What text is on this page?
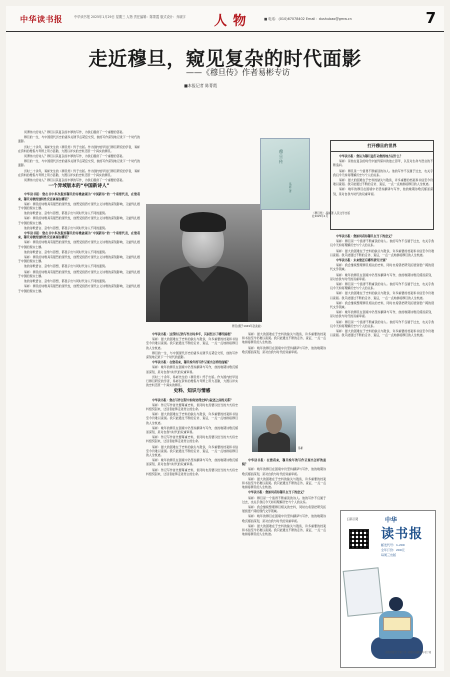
中华读书报	中华读书报 2025年1月29日 星期三 人物 责任编辑：陈菁霞 版式设计：乔晓宇	人物	■ 电话：(010)67078402 Email：dushubao@gmw.cn	7
走近穆旦，窥见复杂的时代面影
——《穆旦传》作者易彬专访
■本报记者 陈菁霞

何谓伟大的诗人？穆旦以其复杂而丰厚的写作，为我们提供了一个重要的答案。

穆旦的一生，与中国现代历史的诸多关键节点紧密交织，他的写作深刻地记录下一个时代的面影。

历时二十余年，易彬先生的《穆旦传》终于出版。作为国内较早进行穆旦研究的学者，易彬在资料的搜集与考辨上用力甚勤，力图以详实的史料还原一个真实的穆旦。

何谓伟大的诗人？穆旦以其复杂而丰厚的写作，为我们提供了一个重要的答案。

穆旦的一生，与中国现代历史的诸多关键节点紧密交织，他的写作深刻地记录下一个时代的面影。

历时二十余年，易彬先生的《穆旦传》终于出版。作为国内较早进行穆旦研究的学者，易彬在资料的搜集与考辨上用力甚勤，力图以详实的史料还原一个真实的穆旦。

何谓伟大的诗人？穆旦以其复杂而丰厚的写作，为我们提供了一个重要的答案。

一个异域版本的“中国新诗人”

中华读书报：您在书中多次提到穆旦的诗歌被视为“中国新诗”的一个重要代表，在您看来，穆旦诗歌的独特性究竟体现在哪里？

易彬：穆旦的诗歌具有强烈的现代性，他既受到西方现代主义诗歌的深刻影响，又始终扎根于中国的现实土壤。

他的诗歌语言、意象与思想，都显示出与同时代诗人不同的面貌。

易彬：穆旦的诗歌具有强烈的现代性，他既受到西方现代主义诗歌的深刻影响，又始终扎根于中国的现实土壤。

他的诗歌语言、意象与思想，都显示出与同时代诗人不同的面貌。

中华读书报：您在书中多次提到穆旦的诗歌被视为“中国新诗”的一个重要代表，在您看来，穆旦诗歌的独特性究竟体现在哪里？

易彬：穆旦的诗歌具有强烈的现代性，他既受到西方现代主义诗歌的深刻影响，又始终扎根于中国的现实土壤。

他的诗歌语言、意象与思想，都显示出与同时代诗人不同的面貌。

易彬：穆旦的诗歌具有强烈的现代性，他既受到西方现代主义诗歌的深刻影响，又始终扎根于中国的现实土壤。

他的诗歌语言、意象与思想，都显示出与同时代诗人不同的面貌。

易彬：穆旦的诗歌具有强烈的现代性，他既受到西方现代主义诗歌的深刻影响，又始终扎根于中国的现实土壤。

他的诗歌语言、意象与思想，都显示出与同时代诗人不同的面貌。

易彬：穆旦的诗歌具有强烈的现代性，他既受到西方现代主义诗歌的深刻影响，又始终扎根于中国的现实土壤。

穆旦(摄于1949年赴美前)
穆旦传
易彬 著
《穆旦传》,易彬著,人民文学出版社2025年1月
打开穆旦的世界

中华读书报：您认为穆旦最打动您的地方是什么？

易彬：是他在复杂的时代中始终保持的独立思考，以及对生命与语言的不断追问。

易彬：穆旦是一个值得不断重读的诗人。他的写作不仅属于过去，也关乎我们今天如何理解历史与个人的关系。

易彬：最大的困难在于史料的缺失与散佚，许多重要的档案和书信至今仍难以查阅。我只能通过不断的走访、查证，一点一点地拼接穆旦的人生轨迹。

易彬：晚年的穆旦在困境中仍坚持翻译与写作，他的晚期诗歌沉郁而深刻，是对自我与时代的双重审视。

中华读书报：您如何看待穆旦在当下的意义？

易彬：穆旦是一个值得不断重读的诗人。他的写作不仅属于过去，也关乎我们今天如何理解历史与个人的关系。

易彬：最大的困难在于史料的缺失与散佚，许多重要的档案和书信至今仍难以查阅。我只能通过不断的走访、查证，一点一点地拼接穆旦的人生轨迹。

中华读书报：未来您还有哪些研究计划？

易彬：我会继续整理穆旦相关的史料，同时也希望把研究拓展到更广阔的现代文学领域。

易彬：晚年的穆旦在困境中仍坚持翻译与写作，他的晚期诗歌沉郁而深刻，是对自我与时代的双重审视。

易彬：穆旦是一个值得不断重读的诗人。他的写作不仅属于过去，也关乎我们今天如何理解历史与个人的关系。

易彬：最大的困难在于史料的缺失与散佚，许多重要的档案和书信至今仍难以查阅。我只能通过不断的走访、查证，一点一点地拼接穆旦的人生轨迹。

易彬：我会继续整理穆旦相关的史料，同时也希望把研究拓展到更广阔的现代文学领域。

易彬：晚年的穆旦在困境中仍坚持翻译与写作，他的晚期诗歌沉郁而深刻，是对自我与时代的双重审视。

易彬：穆旦是一个值得不断重读的诗人。他的写作不仅属于过去，也关乎我们今天如何理解历史与个人的关系。

易彬：最大的困难在于史料的缺失与散佚，许多重要的档案和书信至今仍难以查阅。我只能通过不断的走访、查证，一点一点地拼接穆旦的人生轨迹。

中华读书报：这部传记的写作历时多年，其间经历了哪些困难？

易彬：最大的困难在于史料的缺失与散佚，许多重要的档案和书信至今仍难以查阅。我只能通过不断的走访、查证，一点一点地拼接穆旦的人生轨迹。

穆旦的一生，与中国现代历史的诸多关键节点紧密交织，他的写作深刻地记录下一个时代的面影。

中华读书报：在您看来，穆旦晚年的写作呈现出怎样的面貌？

易彬：晚年的穆旦在困境中仍坚持翻译与写作，他的晚期诗歌沉郁而深刻，是对自我与时代的双重审视。

历时二十余年，易彬先生的《穆旦传》终于出版。作为国内较早进行穆旦研究的学者，易彬在资料的搜集与考辨上用力甚勤，力图以详实的史料还原一个真实的穆旦。

史料、知识与情感

中华读书报：您在写作过程中如何处理史料与叙述之间的关系？

易彬：传记写作首先要尊重史料，但同时也需要以恰当的方式将史料组织起来，让读者能够走进传主的生命。

易彬：最大的困难在于史料的缺失与散佚，许多重要的档案和书信至今仍难以查阅。我只能通过不断的走访、查证，一点一点地拼接穆旦的人生轨迹。

易彬：晚年的穆旦在困境中仍坚持翻译与写作，他的晚期诗歌沉郁而深刻，是对自我与时代的双重审视。

易彬：传记写作首先要尊重史料，但同时也需要以恰当的方式将史料组织起来，让读者能够走进传主的生命。

易彬：最大的困难在于史料的缺失与散佚，许多重要的档案和书信至今仍难以查阅。我只能通过不断的走访、查证，一点一点地拼接穆旦的人生轨迹。

易彬：晚年的穆旦在困境中仍坚持翻译与写作，他的晚期诗歌沉郁而深刻，是对自我与时代的双重审视。

易彬：传记写作首先要尊重史料，但同时也需要以恰当的方式将史料组织起来，让读者能够走进传主的生命。

易彬：最大的困难在于史料的缺失与散佚，许多重要的档案和书信至今仍难以查阅。我只能通过不断的走访、查证，一点一点地拼接穆旦的人生轨迹。

易彬：晚年的穆旦在困境中仍坚持翻译与写作，他的晚期诗歌沉郁而深刻，是对自我与时代的双重审视。

易彬

中华读书报：在您看来，穆旦晚年的写作呈现出怎样的面貌？

易彬：晚年的穆旦在困境中仍坚持翻译与写作，他的晚期诗歌沉郁而深刻，是对自我与时代的双重审视。

易彬：最大的困难在于史料的缺失与散佚，许多重要的档案和书信至今仍难以查阅。我只能通过不断的走访、查证，一点一点地拼接穆旦的人生轨迹。

中华读书报：您如何看待穆旦在当下的意义？

易彬：穆旦是一个值得不断重读的诗人。他的写作不仅属于过去，也关乎我们今天如何理解历史与个人的关系。

易彬：我会继续整理穆旦相关的史料，同时也希望把研究拓展到更广阔的现代文学领域。

易彬：晚年的穆旦在困境中仍坚持翻译与写作，他的晚期诗歌沉郁而深刻，是对自我与时代的双重审视。

易彬：最大的困难在于史料的缺失与散佚，许多重要的档案和书信至今仍难以查阅。我只能通过不断的走访、查证，一点一点地拼接穆旦的人生轨迹。

扫码订阅	中华
读书报
邮发代号：1-200
全年订价：200元
每周三出版
光明日报社主管主办 全国各地邮局均可订阅
